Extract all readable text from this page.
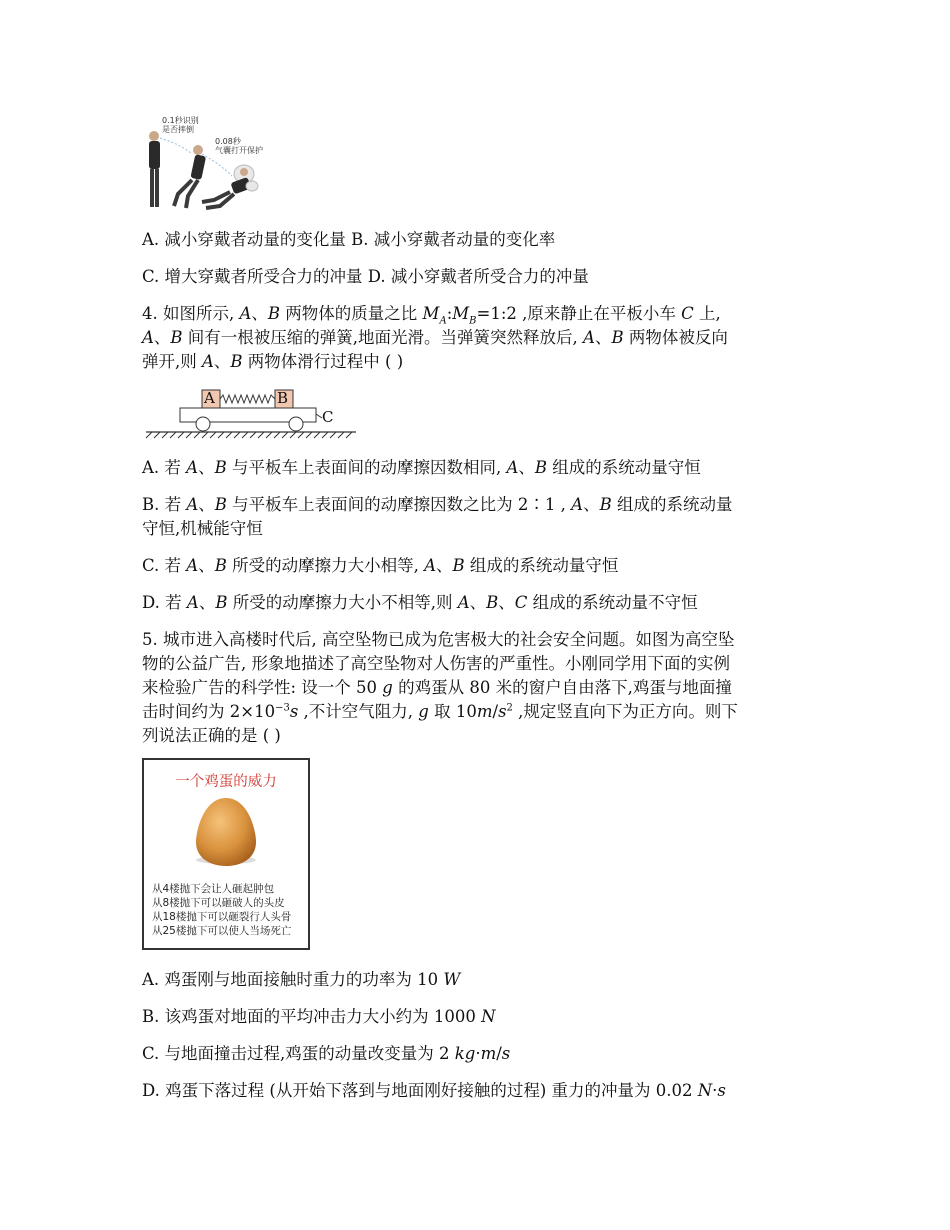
0.1秒识别
是否摔倒
0.08秒
气囊打开保护
A. 减小穿戴者动量的变化量 B. 减小穿戴者动量的变化率
C. 增大穿戴者所受合力的冲量 D. 减小穿戴者所受合力的冲量
4. 如图所示, A、B 两物体的质量之比 $M_A:M_B=1:2$ ,原来静止在平板小车 C 上,
A、B 间有一根被压缩的弹簧,地面光滑。当弹簧突然释放后, A、B 两物体被反向
弹开,则 A、B 两物体滑行过程中 ( )
A	B
C
A. 若 A、B 与平板车上表面间的动摩擦因数相同, A、B 组成的系统动量守恒
B. 若 A、B 与平板车上表面间的动摩擦因数之比为 2∶1 , A、B 组成的系统动量
守恒,机械能守恒
C. 若 A、B 所受的动摩擦力大小相等, A、B 组成的系统动量守恒
D. 若 A、B 所受的动摩擦力大小不相等,则 A、B、C 组成的系统动量不守恒
5. 城市进入高楼时代后, 高空坠物已成为危害极大的社会安全问题。如图为高空坠
物的公益广告, 形象地描述了高空坠物对人伤害的严重性。小刚同学用下面的实例
来检验广告的科学性: 设一个 50 g 的鸡蛋从 80 米的窗户自由落下,鸡蛋与地面撞
击时间约为 $2\times 10^{-3}s$ ,不计空气阻力, g 取 $10m/s^2$ ,规定竖直向下为正方向。则下
列说法正确的是 ( )
一个鸡蛋的威力
从4楼抛下会让人砸起肿包
从8楼抛下可以砸破人的头皮
从18楼抛下可以砸裂行人头骨
从25楼抛下可以使人当场死亡
A. 鸡蛋刚与地面接触时重力的功率为 10 W
B. 该鸡蛋对地面的平均冲击力大小约为 1000 N
C. 与地面撞击过程,鸡蛋的动量改变量为 2 kg·m/s
D. 鸡蛋下落过程 (从开始下落到与地面刚好接触的过程) 重力的冲量为 0.02 N·s
